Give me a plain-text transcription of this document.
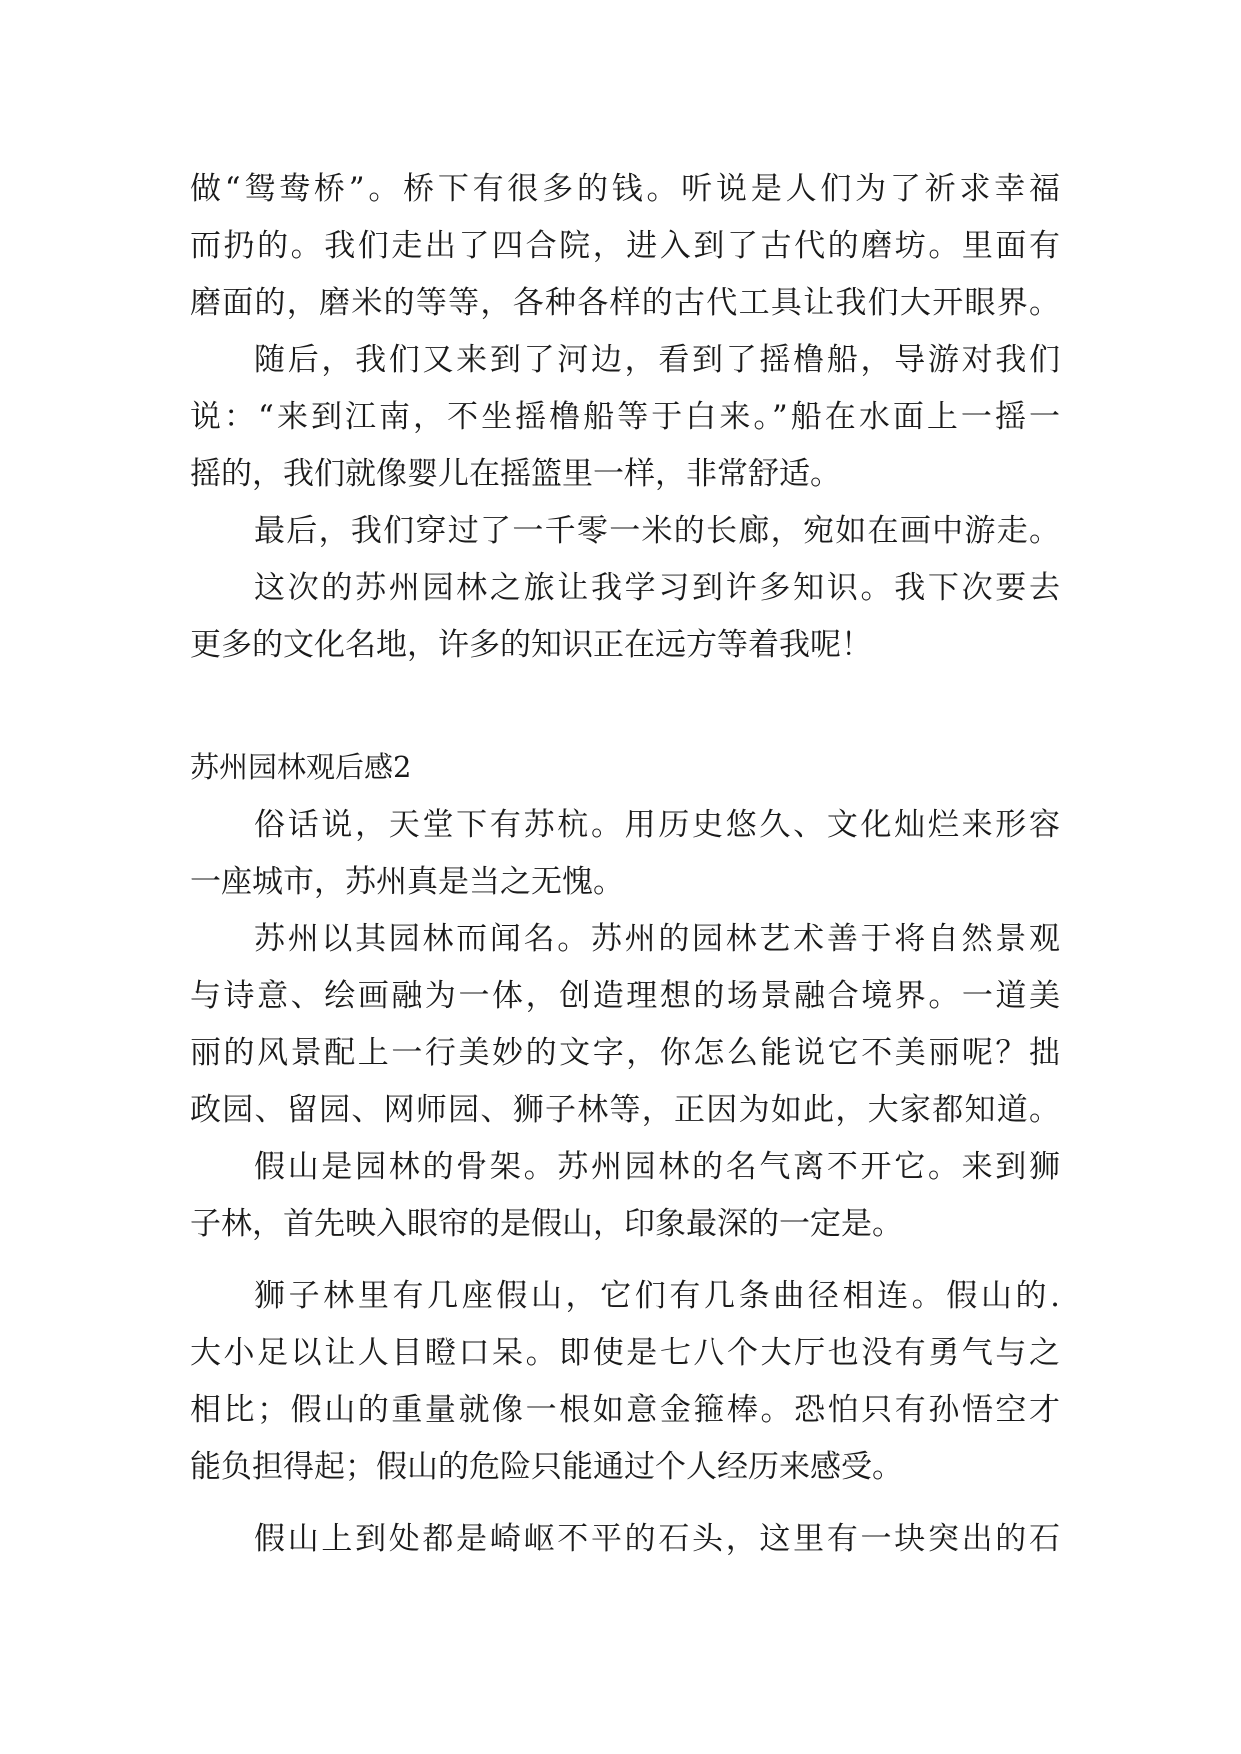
做“鸳鸯桥”。桥下有很多的钱。听说是人们为了祈求幸福
而扔的。我们走出了四合院，进入到了古代的磨坊。里面有
磨面的，磨米的等等，各种各样的古代工具让我们大开眼界。
随后，我们又来到了河边，看到了摇橹船，导游对我们
说：“来到江南，不坐摇橹船等于白来。”船在水面上一摇一
摇的，我们就像婴儿在摇篮里一样，非常舒适。
最后，我们穿过了一千零一米的长廊，宛如在画中游走。
这次的苏州园林之旅让我学习到许多知识。我下次要去
更多的文化名地，许多的知识正在远方等着我呢！
苏州园林观后感2
俗话说，天堂下有苏杭。用历史悠久、文化灿烂来形容
一座城市，苏州真是当之无愧。
苏州以其园林而闻名。苏州的园林艺术善于将自然景观
与诗意、绘画融为一体，创造理想的场景融合境界。一道美
丽的风景配上一行美妙的文字，你怎么能说它不美丽呢？拙
政园、留园、网师园、狮子林等，正因为如此，大家都知道。
假山是园林的骨架。苏州园林的名气离不开它。来到狮
子林，首先映入眼帘的是假山，印象最深的一定是。
狮子林里有几座假山，它们有几条曲径相连。假山的.
大小足以让人目瞪口呆。即使是七八个大厅也没有勇气与之
相比；假山的重量就像一根如意金箍棒。恐怕只有孙悟空才
能负担得起；假山的危险只能通过个人经历来感受。
假山上到处都是崎岖不平的石头，这里有一块突出的石
